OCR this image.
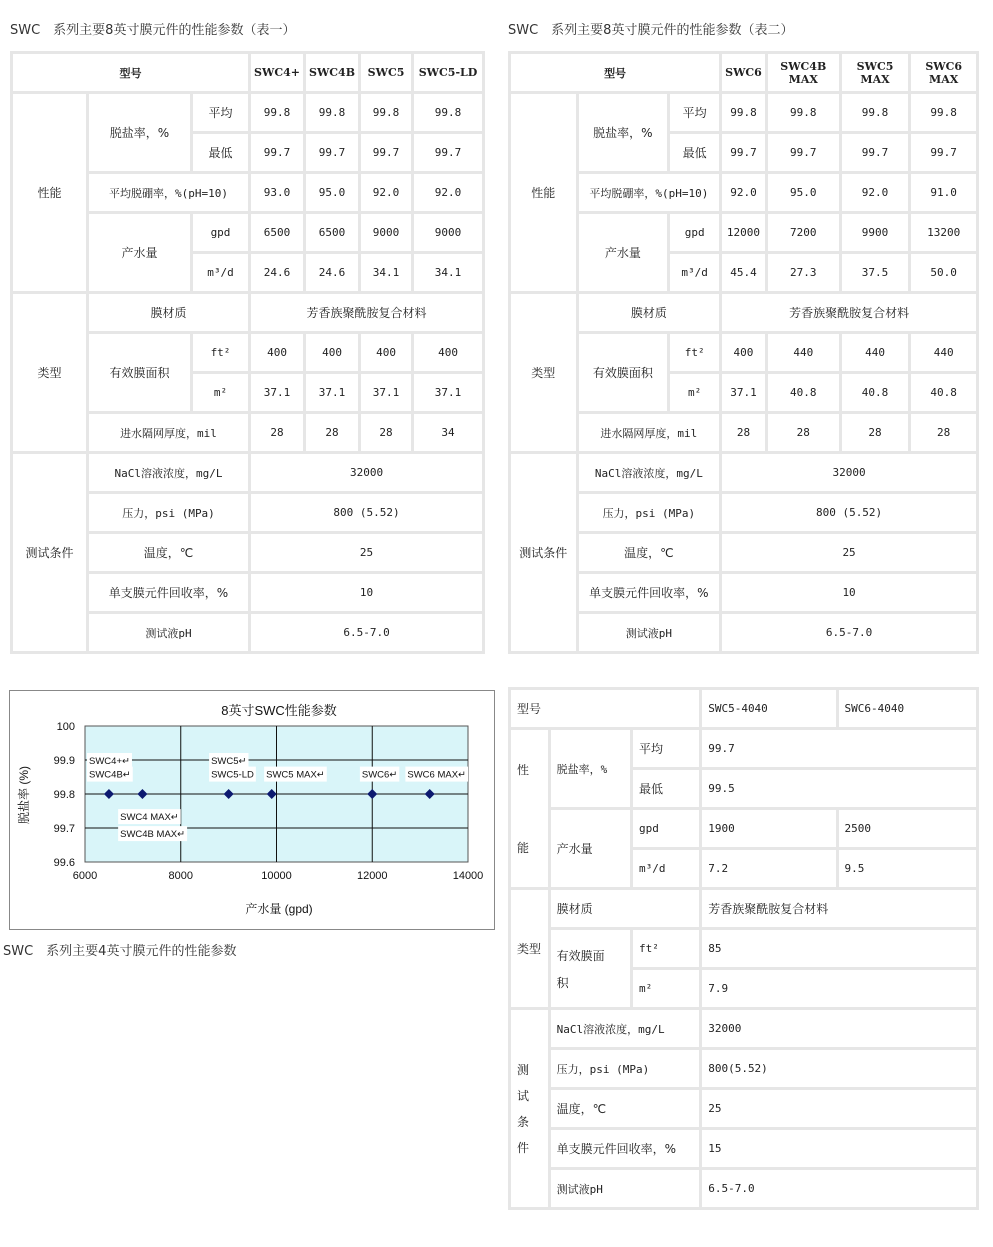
SWC　系列主要8英寸膜元件的性能参数（表一）
型号			SWC4+	SWC4B	SWC5	SWC5-LD
性能	脱盐率，%	平均	99.8	99.8	99.8	99.8
		最低	99.7	99.7	99.7	99.7
	平均脱硼率，%(pH=10)		93.0	95.0	92.0	92.0
	产水量	gpd	6500	6500	9000	9000
		m³/d	24.6	24.6	34.1	34.1
类型	膜材质		芳香族聚酰胺复合材料			
	有效膜面积	ft²	400	400	400	400
		m²	37.1	37.1	37.1	37.1
	进水隔网厚度，mil		28	28	28	34
测试条件	NaCl溶液浓度，mg/L		32000			
	压力，psi (MPa)		800 (5.52)			
	温度，℃		25			
	单支膜元件回收率，%		10			
	测试液pH		6.5-7.0			
SWC　系列主要8英寸膜元件的性能参数（表二）
型号			SWC6	SWC4B MAX	SWC5 MAX	SWC6 MAX
性能	脱盐率，%	平均	99.8	99.8	99.8	99.8
		最低	99.7	99.7	99.7	99.7
	平均脱硼率，%(pH=10)		92.0	95.0	92.0	91.0
	产水量	gpd	12000	7200	9900	13200
		m³/d	45.4	27.3	37.5	50.0
类型	膜材质		芳香族聚酰胺复合材料			
	有效膜面积	ft²	400	440	440	440
		m²	37.1	40.8	40.8	40.8
	进水隔网厚度，mil		28	28	28	28
测试条件	NaCl溶液浓度，mg/L		32000			
	压力，psi (MPa)		800 (5.52)			
	温度，℃		25			
	单支膜元件回收率，%		10			
	测试液pH		6.5-7.0			
8英寸SWC性能参数
6000	8000	10000	12000	14000
99.6
99.7
99.8
99.9
100
SWC4+↵
SWC4B↵
SWC4 MAX↵
SWC4B MAX↵
SWC5↵
SWC5-LD SWC5 MAX↵	SWC6↵ SWC6 MAX↵
产水量 (gpd)
脱盐率 (%)
SWC　系列主要4英寸膜元件的性能参数
型号			SWC5-4040	SWC6-4040

性
能	脱盐率，%	平均	99.7	
		最低	99.5	
	产水量	gpd	1900	2500
		m³/d	7.2	9.5
类型	膜材质		芳香族聚酰胺复合材料	

	有效膜面
积	ft²	85	
		m²	7.9	

测
试
条
件	NaCl溶液浓度，mg/L		32000	
	压力，psi (MPa)		800(5.52)	
	温度，℃		25	
	单支膜元件回收率，%		15	
	测试液pH		6.5-7.0	
